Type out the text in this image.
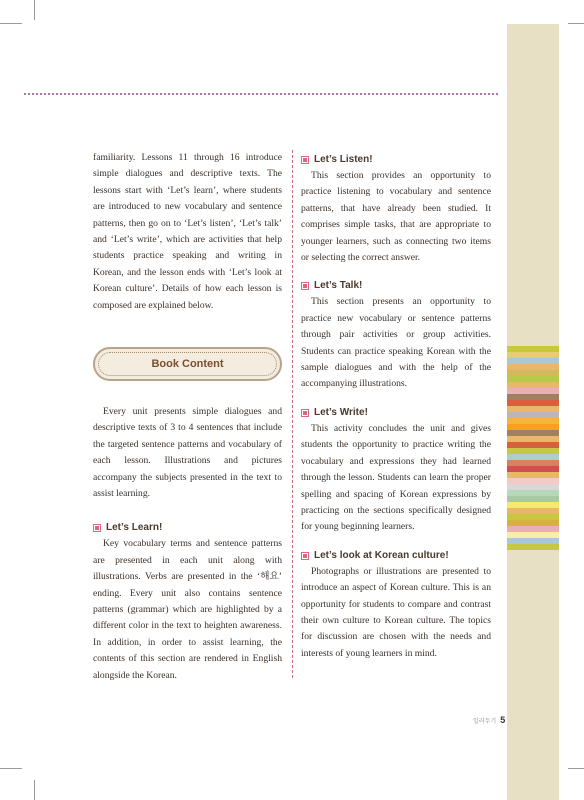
familiarity. Lessons 11 through 16 introduce simple dialogues and descriptive texts. The lessons start with ‘Let’s learn’, where students are introduced to new vocabulary and sentence patterns, then go on to ‘Let’s listen’, ‘Let’s talk’ and ‘Let’s write’, which are activities that help students practice speaking and writing in Korean, and the lesson ends with ‘Let’s look at Korean culture’. Details of how each lesson is composed are explained below.

Book Content

Every unit presents simple dialogues and descriptive texts of 3 to 4 sentences that include the targeted sentence patterns and vocabulary of each lesson. Illustrations and pictures accompany the subjects presented in the text to assist learning.

Let’s Learn!

Key vocabulary terms and sentence patterns are presented in each unit along with illustrations. Verbs are presented in the ‘해요’ ending. Every unit also contains sentence patterns (grammar) which are highlighted by a different color in the text to heighten awareness. In addition, in order to assist learning, the contents of this section are rendered in English alongside the Korean.

Let’s Listen!

This section provides an opportunity to practice listening to vocabulary and sentence patterns, that have already been studied. It comprises simple tasks, that are appropriate to younger learners, such as connecting two items or selecting the correct answer.

Let’s Talk!

This section presents an opportunity to practice new vocabulary or sentence patterns through pair activities or group activities. Students can practice speaking Korean with the sample dialogues and with the help of the accompanying illustrations.

Let’s Write!

This activity concludes the unit and gives students the opportunity to practice writing the vocabulary and expressions they had learned through the lesson. Students can learn the proper spelling and spacing of Korean expressions by practicing on the sections specifically designed for young beginning learners.

Let’s look at Korean culture!

Photographs or illustrations are presented to introduce an aspect of Korean culture. This is an opportunity for students to compare and contrast their own culture to Korean culture. The topics for discussion are chosen with the needs and interests of young learners in mind.

일러두기 5
